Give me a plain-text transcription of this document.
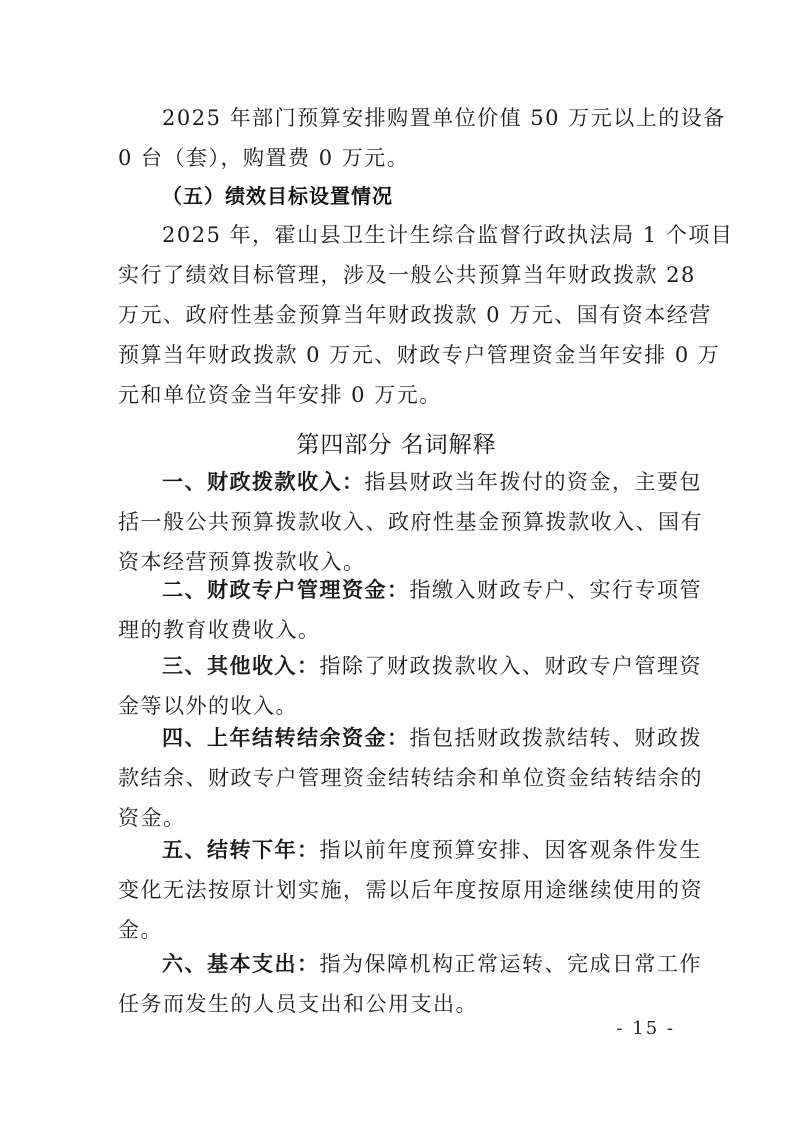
2025 年部门预算安排购置单位价值 50 万元以上的设备
0 台（套），购置费 0 万元。
（五）绩效目标设置情况
2025 年，霍山县卫生计生综合监督行政执法局 1 个项目
实行了绩效目标管理，涉及一般公共预算当年财政拨款 28
万元、政府性基金预算当年财政拨款 0 万元、国有资本经营
预算当年财政拨款 0 万元、财政专户管理资金当年安排 0 万
元和单位资金当年安排 0 万元。
第四部分 名词解释
一、财政拨款收入：指县财政当年拨付的资金，主要包
括一般公共预算拨款收入、政府性基金预算拨款收入、国有
资本经营预算拨款收入。
二、财政专户管理资金：指缴入财政专户、实行专项管
理的教育收费收入。
三、其他收入：指除了财政拨款收入、财政专户管理资
金等以外的收入。
四、上年结转结余资金：指包括财政拨款结转、财政拨
款结余、财政专户管理资金结转结余和单位资金结转结余的
资金。
五、结转下年：指以前年度预算安排、因客观条件发生
变化无法按原计划实施，需以后年度按原用途继续使用的资
金。
六、基本支出：指为保障机构正常运转、完成日常工作
任务而发生的人员支出和公用支出。
- 15 -
